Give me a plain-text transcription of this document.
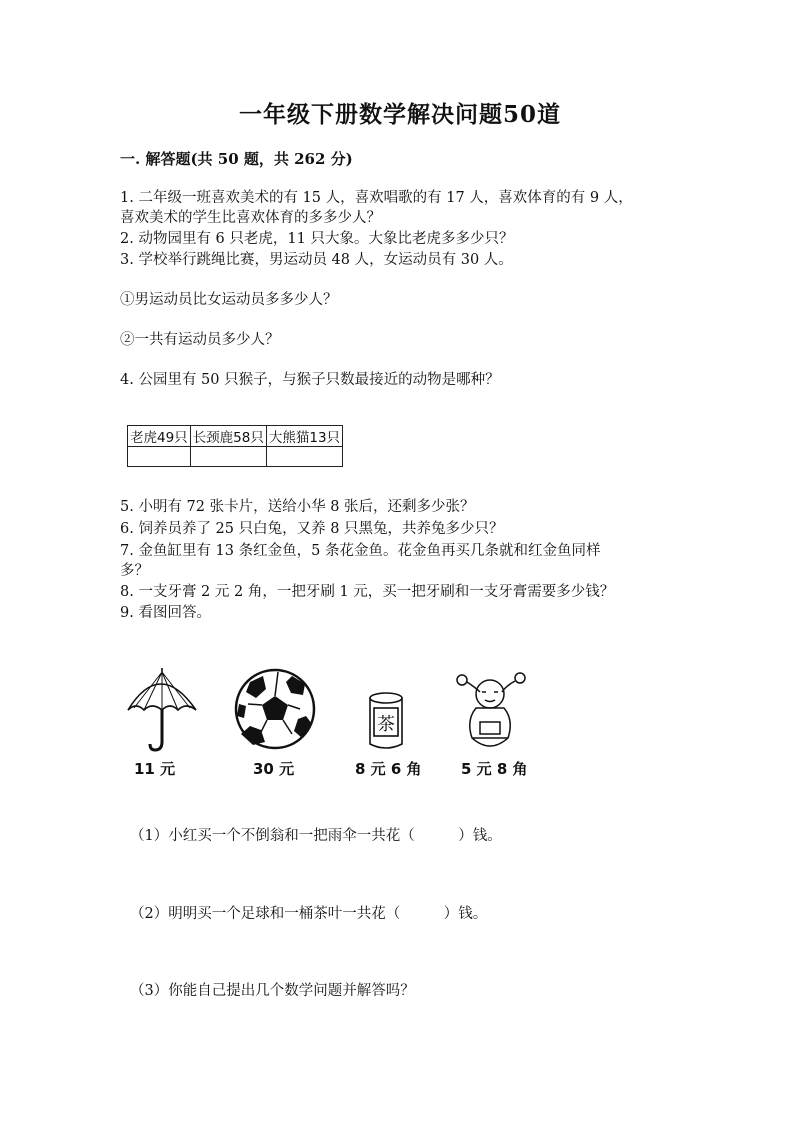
一年级下册数学解决问题50道
一. 解答题(共 50 题，共 262 分)
1. 二年级一班喜欢美术的有 15 人，喜欢唱歌的有 17 人，喜欢体育的有 9 人，
喜欢美术的学生比喜欢体育的多多少人？
2. 动物园里有 6 只老虎，11 只大象。大象比老虎多多少只？
3. 学校举行跳绳比赛，男运动员 48 人，女运动员有 30 人。
①男运动员比女运动员多多少人？
②一共有运动员多少人？
4. 公园里有 50 只猴子，与猴子只数最接近的动物是哪种？
老虎49只	长颈鹿58只	大熊猫13只

5. 小明有 72 张卡片，送给小华 8 张后，还剩多少张？
6. 饲养员养了 25 只白兔，又养 8 只黑兔，共养兔多少只？
7. 金鱼缸里有 13 条红金鱼，5 条花金鱼。花金鱼再买几条就和红金鱼同样
多？
8. 一支牙膏 2 元 2 角，一把牙刷 1 元，买一把牙刷和一支牙膏需要多少钱？
9. 看图回答。
茶
11 元	30 元	8 元 6 角	5 元 8 角
（1）小红买一个不倒翁和一把雨伞一共花（　　　）钱。
（2）明明买一个足球和一桶茶叶一共花（　　　）钱。
（3）你能自己提出几个数学问题并解答吗？
